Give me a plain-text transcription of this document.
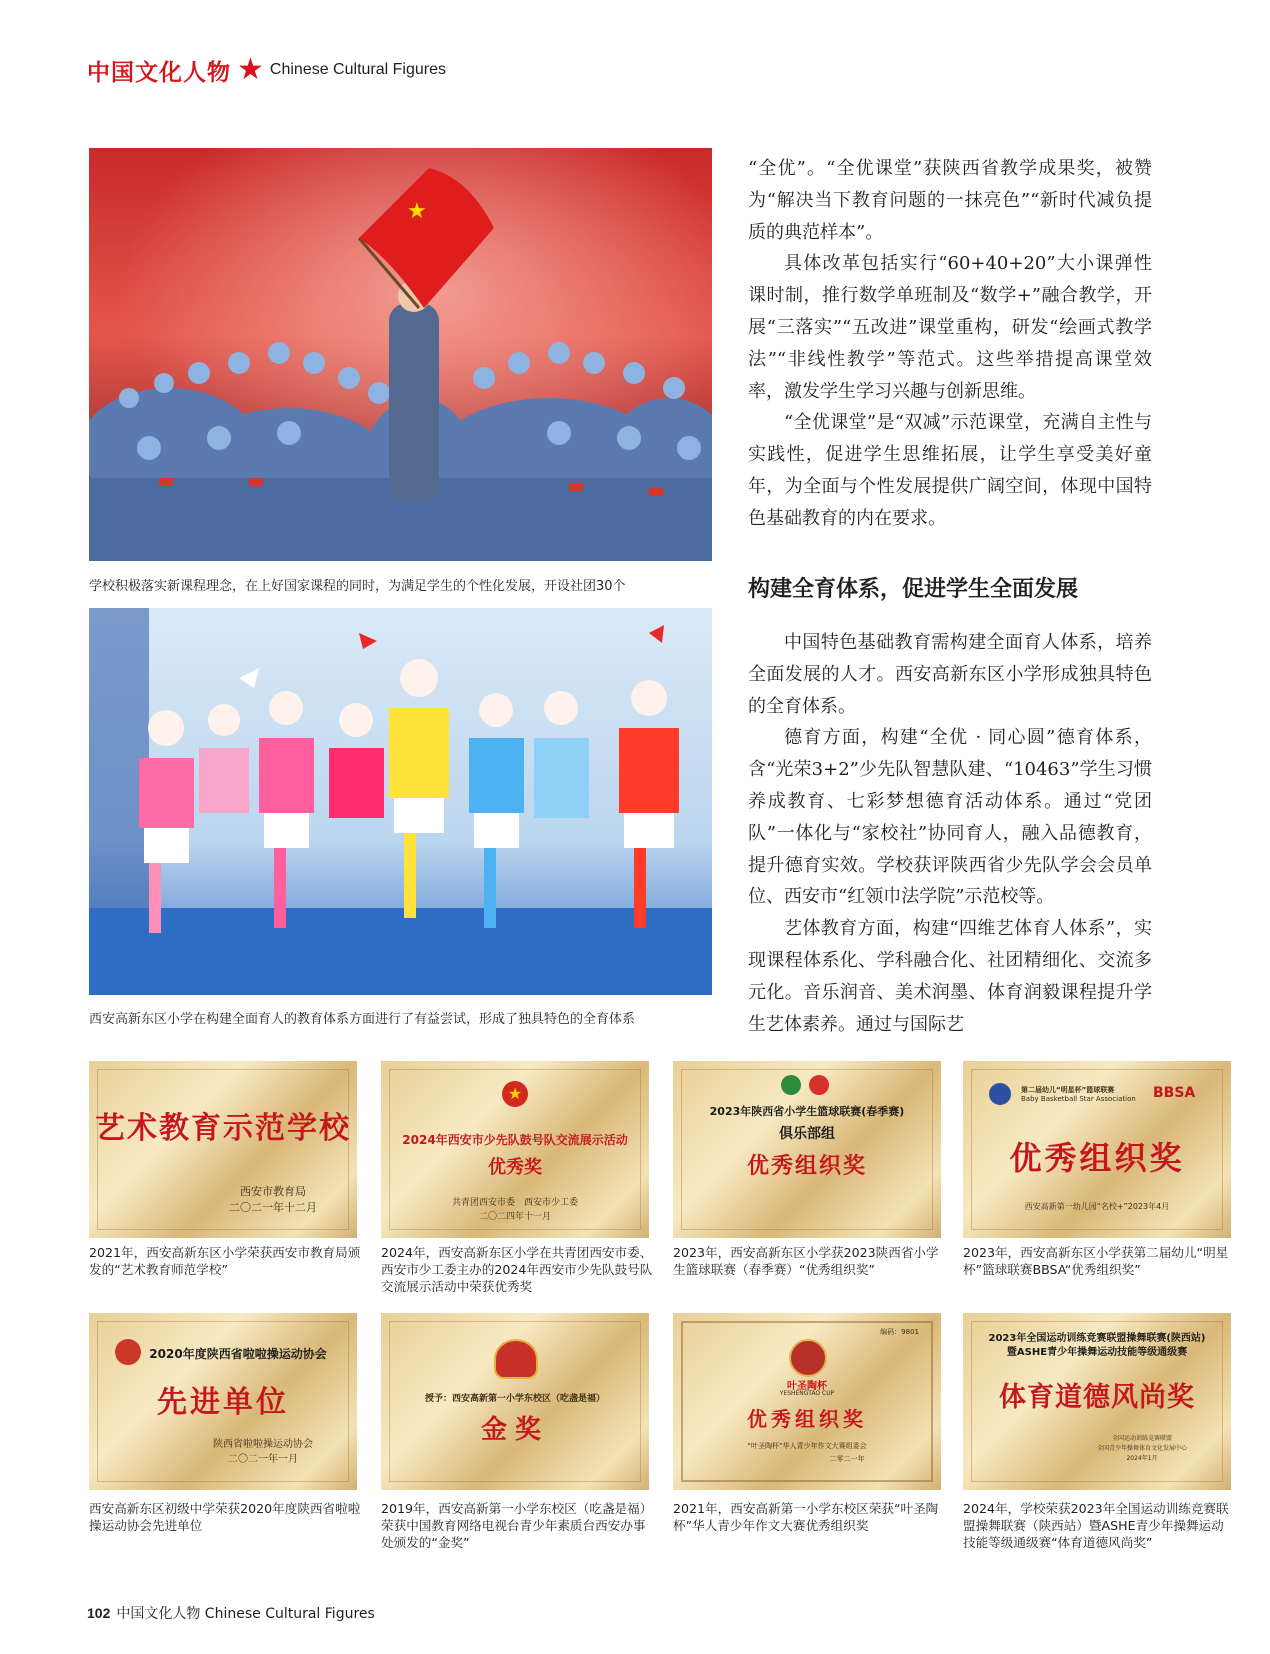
中国文化人物 ★ Chinese Cultural Figures
★
学校积极落实新课程理念，在上好国家课程的同时，为满足学生的个性化发展，开设社团30个
西安高新东区小学在构建全面育人的教育体系方面进行了有益尝试，形成了独具特色的全育体系

“全优”。“全优课堂”获陕西省教学成果奖，被赞为“解决当下教育问题的一抹亮色”“新时代减负提质的典范样本”。

具体改革包括实行“60+40+20”大小课弹性课时制，推行数学单班制及“数学+”融合教学，开展“三落实”“五改进”课堂重构，研发“绘画式教学法”“非线性教学”等范式。这些举措提高课堂效率，激发学生学习兴趣与创新思维。

“全优课堂”是“双减”示范课堂，充满自主性与实践性，促进学生思维拓展，让学生享受美好童年，为全面与个性发展提供广阔空间，体现中国特色基础教育的内在要求。

构建全育体系，促进学生全面发展

中国特色基础教育需构建全面育人体系，培养全面发展的人才。西安高新东区小学形成独具特色的全育体系。

德育方面，构建“全优 · 同心圆”德育体系，含“光荣3+2”少先队智慧队建、“10463”学生习惯养成教育、七彩梦想德育活动体系。通过“党团队”一体化与“家校社”协同育人，融入品德教育，提升德育实效。学校获评陕西省少先队学会会员单位、西安市“红领巾法学院”示范校等。

艺体教育方面，构建“四维艺体育人体系”，实现课程体系化、学科融合化、社团精细化、交流多元化。音乐润音、美术润墨、体育润毅课程提升学生艺体素养。通过与国际艺

艺术教育示范学校
西安市教育局
二〇二一年十二月
2021年，西安高新东区小学荣获西安市教育局颁发的“艺术教育师范学校”
★
2024年西安市少先队鼓号队交流展示活动
优秀奖
共青团西安市委　西安市少工委
二〇二四年十一月
2024年，西安高新东区小学在共青团西安市委、西安市少工委主办的2024年西安市少先队鼓号队交流展示活动中荣获优秀奖
2023年陕西省小学生篮球联赛(春季赛)
俱乐部组
优秀组织奖
2023年，西安高新东区小学获2023陕西省小学生篮球联赛（春季赛）“优秀组织奖”
第二届幼儿“明星杯”篮球联赛
Baby Basketball Star Association BBSA
优秀组织奖
西安高新第一幼儿园“名校+”2023年4月
2023年，西安高新东区小学获第二届幼儿“明星杯”篮球联赛BBSA“优秀组织奖”
2020年度陕西省啦啦操运动协会
先进单位
陕西省啦啦操运动协会
二〇二一年一月
西安高新东区初级中学荣获2020年度陕西省啦啦操运动协会先进单位
授予：西安高新第一小学东校区（吃盏是福）
金奖
2019年，西安高新第一小学东校区（吃盏是福）荣获中国教育网络电视台青少年素质台西安办事处颁发的“金奖”
编码：9801
叶圣陶杯
YESHENGTAO CUP
优秀组织奖
“叶圣陶杯”华人青少年作文大赛组委会
二零二一年
2021年，西安高新第一小学东校区荣获“叶圣陶杯”华人青少年作文大赛优秀组织奖
2023年全国运动训练竞赛联盟操舞联赛(陕西站)
暨ASHE青少年操舞运动技能等级通级赛
体育道德风尚奖
全国运动训练竞赛联盟
全国青少年操舞体育文化发展中心
2024年1月
2024年，学校荣获2023年全国运动训练竞赛联盟操舞联赛（陕西站）暨ASHE青少年操舞运动技能等级通级赛“体育道德风尚奖”
102 中国文化人物 Chinese Cultural Figures
